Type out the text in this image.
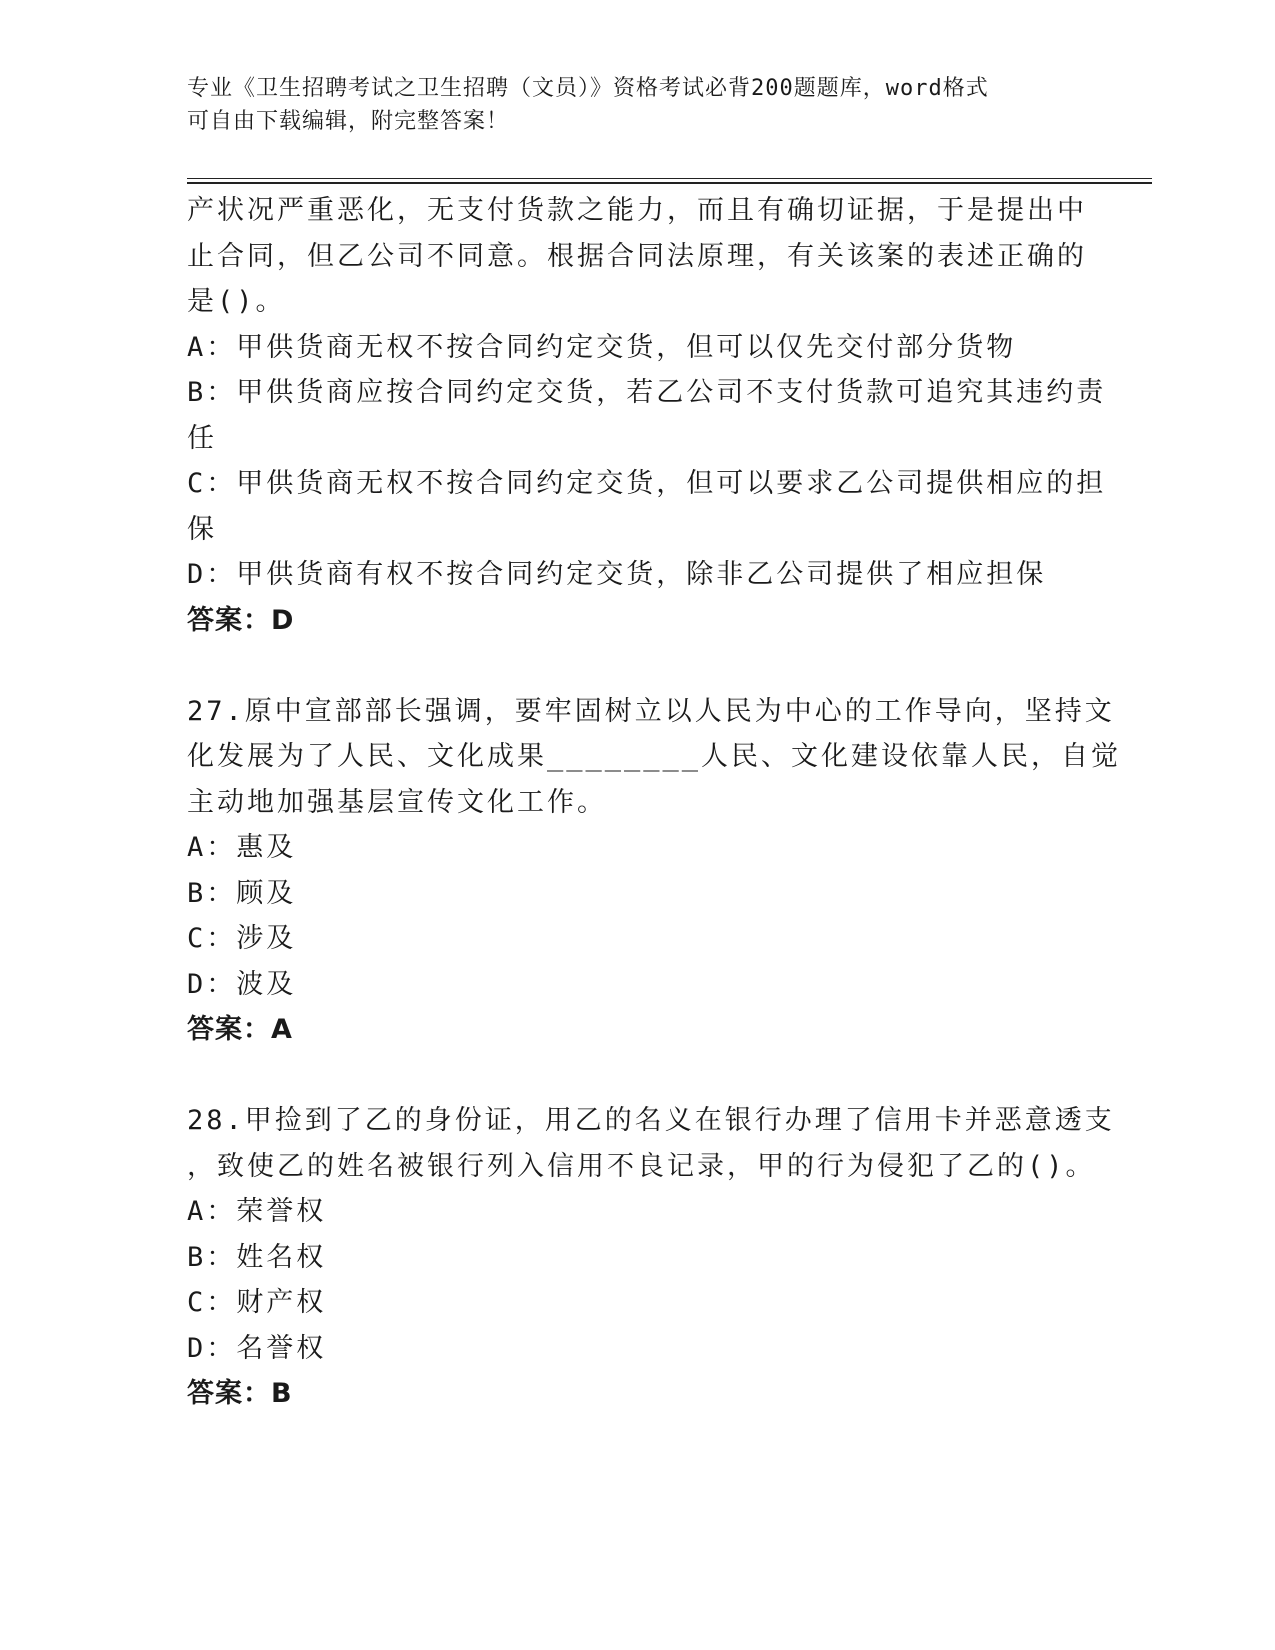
专业《卫生招聘考试之卫生招聘（文员）》资格考试必背200题题库，word格式
可自由下载编辑，附完整答案！
产状况严重恶化，无支付货款之能力，而且有确切证据，于是提出中
止合同，但乙公司不同意。根据合同法原理，有关该案的表述正确的
是()。
A：甲供货商无权不按合同约定交货，但可以仅先交付部分货物
B：甲供货商应按合同约定交货，若乙公司不支付货款可追究其违约责
任
C：甲供货商无权不按合同约定交货，但可以要求乙公司提供相应的担
保
D：甲供货商有权不按合同约定交货，除非乙公司提供了相应担保
答案：D
27.原中宣部部长强调，要牢固树立以人民为中心的工作导向，坚持文
化发展为了人民、文化成果________人民、文化建设依靠人民，自觉
主动地加强基层宣传文化工作。
A：惠及
B：顾及
C：涉及
D：波及
答案：A
28.甲捡到了乙的身份证，用乙的名义在银行办理了信用卡并恶意透支
，致使乙的姓名被银行列入信用不良记录，甲的行为侵犯了乙的()。
A：荣誉权
B：姓名权
C：财产权
D：名誉权
答案：B
